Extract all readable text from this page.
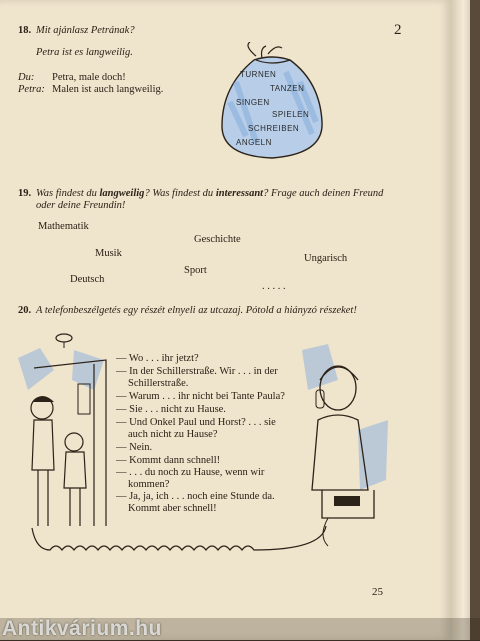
2
18. Mit ajánlasz Petrának?
Petra ist es langweilig.
Du: Petra, male doch!
Petra: Malen ist auch langweilig.
TURNEN
TANZEN
SINGEN
SPIELEN
SCHREIBEN
ANGELN
19. Was findest du langweilig? Was findest du interessant? Frage auch deinen Freund
oder deine Freundin!
Mathematik
Geschichte
Musik	Ungarisch
Sport
Deutsch
. . . . .
20. A telefonbeszélgetés egy részét elnyeli az utcazaj. Pótold a hiányzó részeket!
— Wo . . . ihr jetzt?
— In der Schillerstraße. Wir . . . in der
Schillerstraße.
— Warum . . . ihr nicht bei Tante Paula?
— Sie . . . nicht zu Hause.
— Und Onkel Paul und Horst? . . . sie
auch nicht zu Hause?
— Nein.
— Kommt dann schnell!
— . . . du noch zu Hause, wenn wir
kommen?
— Ja, ja, ich . . . noch eine Stunde da.
Kommt aber schnell!
25
Antikvárium.hu
